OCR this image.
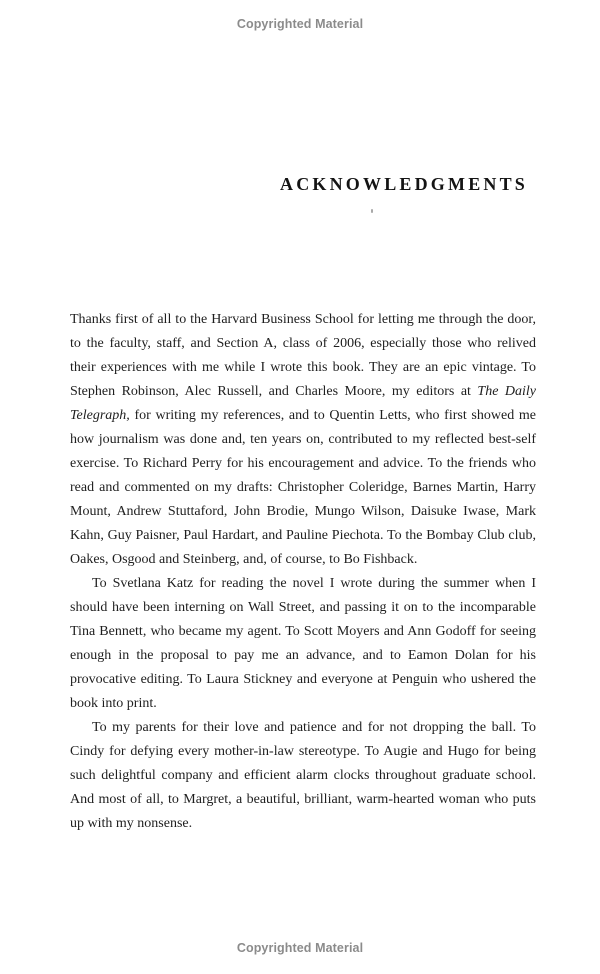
Copyrighted Material
ACKNOWLEDGMENTS

Thanks first of all to the Harvard Business School for letting me through the door, to the faculty, staff, and Section A, class of 2006, especially those who relived their experiences with me while I wrote this book. They are an epic vintage. To Stephen Robinson, Alec Russell, and Charles Moore, my editors at The Daily Telegraph, for writing my references, and to Quentin Letts, who first showed me how journalism was done and, ten years on, contributed to my reflected best-self exercise. To Richard Perry for his encouragement and advice. To the friends who read and commented on my drafts: Christopher Coleridge, Barnes Martin, Harry Mount, Andrew Stuttaford, John Brodie, Mungo Wilson, Daisuke Iwase, Mark Kahn, Guy Paisner, Paul Hardart, and Pauline Piechota. To the Bombay Club club, Oakes, Osgood and Steinberg, and, of course, to Bo Fishback.

To Svetlana Katz for reading the novel I wrote during the summer when I should have been interning on Wall Street, and passing it on to the incomparable Tina Bennett, who became my agent. To Scott Moyers and Ann Godoff for seeing enough in the proposal to pay me an advance, and to Eamon Dolan for his provocative editing. To Laura Stickney and everyone at Penguin who ushered the book into print.

To my parents for their love and patience and for not dropping the ball. To Cindy for defying every mother-in-law stereotype. To Augie and Hugo for being such delightful company and efficient alarm clocks throughout graduate school. And most of all, to Margret, a beautiful, brilliant, warm-hearted woman who puts up with my nonsense.

Copyrighted Material
